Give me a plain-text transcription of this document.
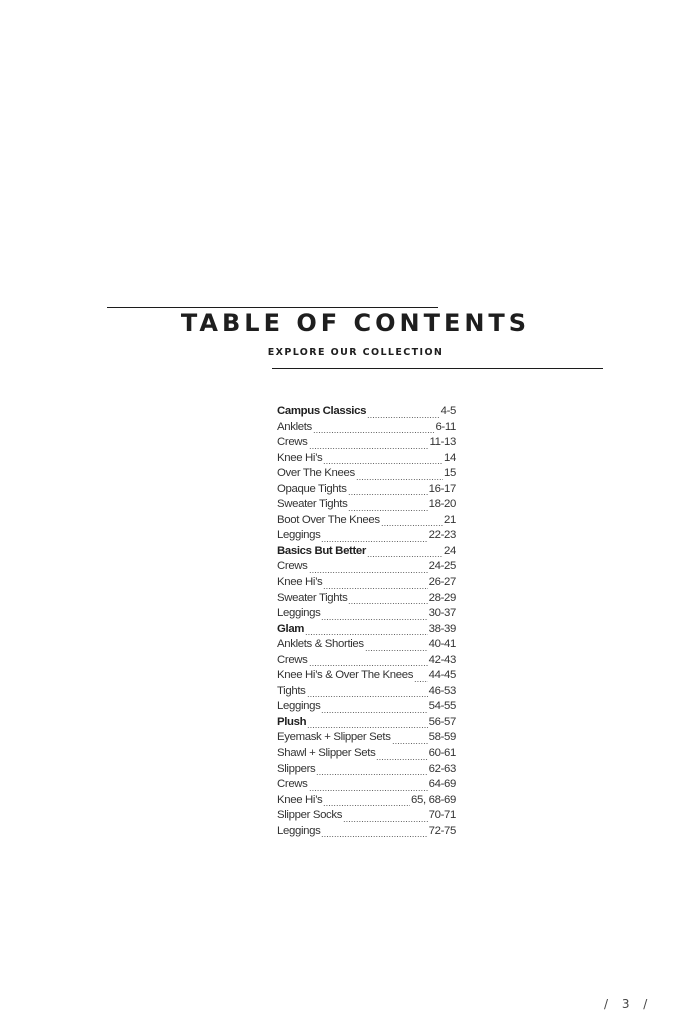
TABLE OF CONTENTS

EXPLORE OUR COLLECTION

Campus Classics	4-5
Anklets	6-11
Crews	11-13
Knee Hi’s	14
Over The Knees	15
Opaque Tights	16-17
Sweater Tights	18-20
Boot Over The Knees	21
Leggings	22-23
Basics But Better	24
Crews	24-25
Knee Hi’s	26-27
Sweater Tights	28-29
Leggings	30-37
Glam	38-39
Anklets & Shorties	40-41
Crews	42-43
Knee Hi’s & Over The Knees 44-45
Tights	46-53
Leggings	54-55
Plush	56-57
Eyemask + Slipper Sets	58-59
Shawl + Slipper Sets	60-61
Slippers	62-63
Crews	64-69
Knee Hi’s	65, 68-69
Slipper Socks	70-71
Leggings	72-75
/ 3 /
